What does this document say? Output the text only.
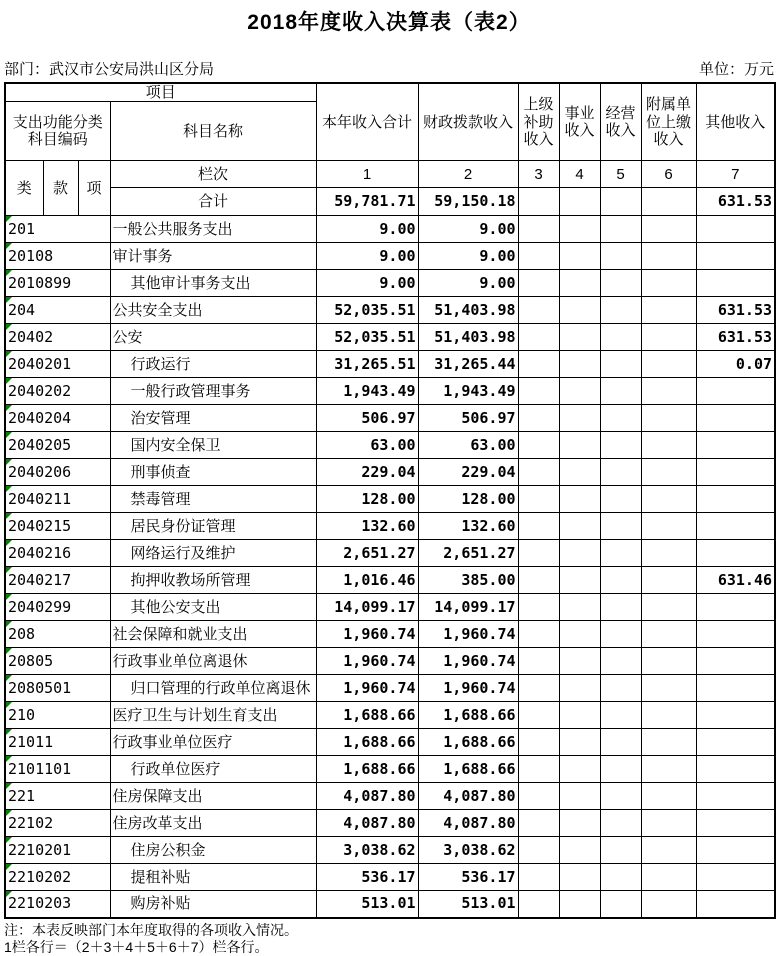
2018年度收入决算表（表2）
部门：武汉市公安局洪山区分局	单位：万元
项目				本年收入合计	财政拨款收入	上级补助收入	事业收入	经营收入	附属单位上缴收入	其他收入
支出功能分类科目编码			科目名称							
类	款	项	栏次	1	2	3	4	5	6	7
			合计	59,781.71	59,150.18					631.53

201			一般公共服务支出	9.00	9.00					

20108			审计事务	9.00	9.00					

2010899			其他审计事务支出	9.00	9.00					

204			公共安全支出	52,035.51	51,403.98					631.53

20402			公安	52,035.51	51,403.98					631.53

2040201			行政运行	31,265.51	31,265.44					0.07

2040202			一般行政管理事务	1,943.49	1,943.49					

2040204			治安管理	506.97	506.97					

2040205			国内安全保卫	63.00	63.00					

2040206			刑事侦查	229.04	229.04					

2040211			禁毒管理	128.00	128.00					

2040215			居民身份证管理	132.60	132.60					

2040216			网络运行及维护	2,651.27	2,651.27					

2040217			拘押收教场所管理	1,016.46	385.00					631.46

2040299			其他公安支出	14,099.17	14,099.17					

208			社会保障和就业支出	1,960.74	1,960.74					

20805			行政事业单位离退休	1,960.74	1,960.74					

2080501			归口管理的行政单位离退休	1,960.74	1,960.74					

210			医疗卫生与计划生育支出	1,688.66	1,688.66					

21011			行政事业单位医疗	1,688.66	1,688.66					

2101101			行政单位医疗	1,688.66	1,688.66					

221			住房保障支出	4,087.80	4,087.80					

22102			住房改革支出	4,087.80	4,087.80					

2210201			住房公积金	3,038.62	3,038.62					

2210202			提租补贴	536.17	536.17					

2210203			购房补贴	513.01	513.01					
注：本表反映部门本年度取得的各项收入情况。
1栏各行＝（2＋3＋4＋5＋6＋7）栏各行。
